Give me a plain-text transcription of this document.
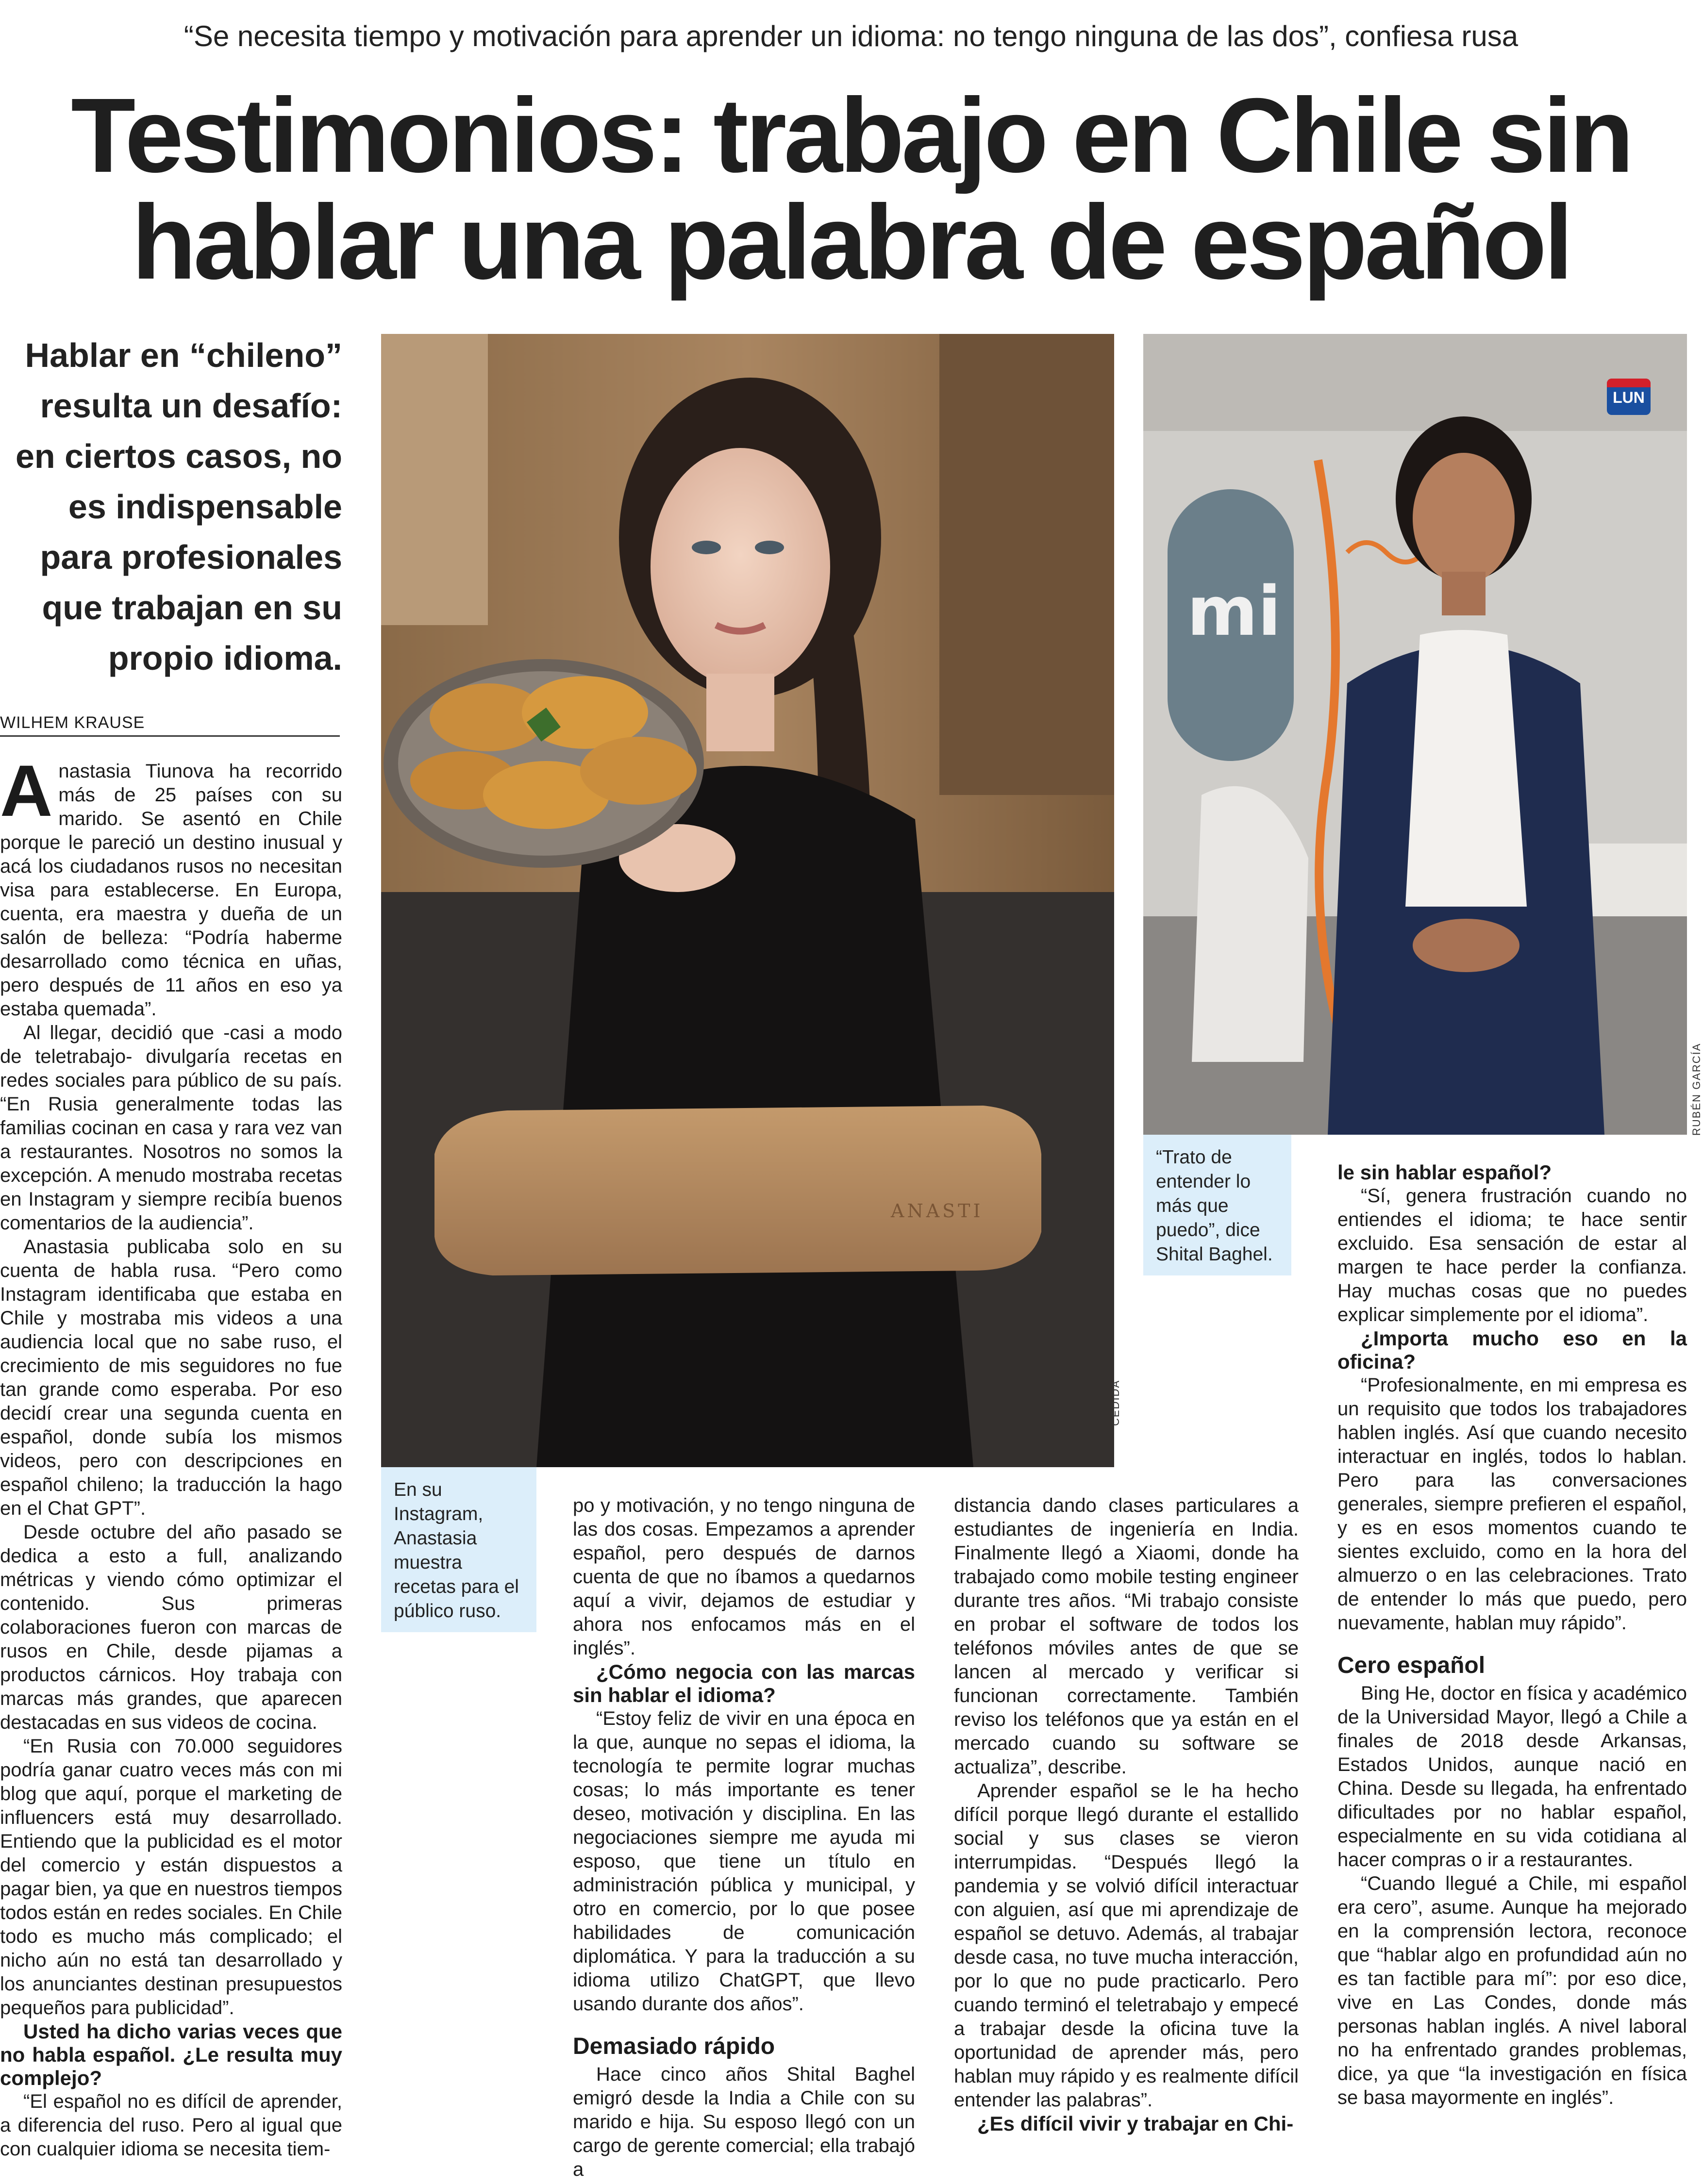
“Se necesita tiempo y motivación para aprender un idioma: no tengo ninguna de las dos”, confiesa rusa
Testimonios: trabajo en Chile sin
hablar una palabra de español
Hablar en “chileno” resulta un desafío: en ciertos casos, no es indispensable para profesionales que trabajan en su propio idioma.
WILHEM KRAUSE

Anastasia Tiunova ha recorrido más de 25 países con su marido. Se asentó en Chile porque le pareció un destino inusual y acá los ciudadanos rusos no necesitan visa para establecerse. En Europa, cuenta, era maestra y dueña de un salón de belleza: “Podría haberme desarrollado como técnica en uñas, pero después de 11 años en eso ya estaba quemada”.

Al llegar, decidió que -casi a modo de teletrabajo- divulgaría recetas en redes sociales para público de su país. “En Rusia generalmente todas las familias cocinan en casa y rara vez van a restaurantes. Nosotros no somos la excepción. A menudo mostraba recetas en Instagram y siempre recibía buenos comentarios de la audiencia”.

Anastasia publicaba solo en su cuenta de habla rusa. “Pero como Instagram identificaba que estaba en Chile y mostraba mis videos a una audiencia local que no sabe ruso, el crecimiento de mis seguidores no fue tan grande como esperaba. Por eso decidí crear una segunda cuenta en español, donde subía los mismos videos, pero con descripciones en español chileno; la traducción la hago en el Chat GPT”.

Desde octubre del año pasado se dedica a esto a full, analizando métricas y viendo cómo optimizar el contenido. Sus primeras colaboraciones fueron con marcas de rusos en Chile, desde pijamas a productos cárnicos. Hoy trabaja con marcas más grandes, que aparecen destacadas en sus videos de cocina.

“En Rusia con 70.000 seguidores podría ganar cuatro veces más con mi blog que aquí, porque el marketing de influencers está muy desarrollado. Entiendo que la publicidad es el motor del comercio y están dispuestos a pagar bien, ya que en nuestros tiempos todos están en redes sociales. En Chile todo es mucho más complicado; el nicho aún no está tan desarrollado y los anunciantes destinan presupuestos pequeños para publicidad”.

Usted ha dicho varias veces que no habla español. ¿Le resulta muy complejo?

“El español no es difícil de aprender, a diferencia del ruso. Pero al igual que con cualquier idioma se necesita tiem-

ANASTI
CEDIDA
En su Instagram, Anastasia muestra recetas para el público ruso.
mi
LUN
RUBÉN GARCÍA
“Trato de entender lo más que puedo”, dice Shital Baghel.

po y motivación, y no tengo ninguna de las dos cosas. Empezamos a aprender español, pero después de darnos cuenta de que no íbamos a quedarnos aquí a vivir, dejamos de estudiar y ahora nos enfocamos más en el inglés”.

¿Cómo negocia con las marcas sin hablar el idioma?

“Estoy feliz de vivir en una época en la que, aunque no sepas el idioma, la tecnología te permite lograr muchas cosas; lo más importante es tener deseo, motivación y disciplina. En las negociaciones siempre me ayuda mi esposo, que tiene un título en administración pública y municipal, y otro en comercio, por lo que posee habilidades de comunicación diplomática. Y para la traducción a su idioma utilizo ChatGPT, que llevo usando durante dos años”.

Demasiado rápido

Hace cinco años Shital Baghel emigró desde la India a Chile con su marido e hija. Su esposo llegó con un cargo de gerente comercial; ella trabajó a

distancia dando clases particulares a estudiantes de ingeniería en India. Finalmente llegó a Xiaomi, donde ha trabajado como mobile testing engineer durante tres años. “Mi trabajo consiste en probar el software de todos los teléfonos móviles antes de que se lancen al mercado y verificar si funcionan correctamente. También reviso los teléfonos que ya están en el mercado cuando su software se actualiza”, describe.

Aprender español se le ha hecho difícil porque llegó durante el estallido social y sus clases se vieron interrumpidas. “Después llegó la pandemia y se volvió difícil interactuar con alguien, así que mi aprendizaje de español se detuvo. Además, al trabajar desde casa, no tuve mucha interacción, por lo que no pude practicarlo. Pero cuando terminó el teletrabajo y empecé a trabajar desde la oficina tuve la oportunidad de aprender más, pero hablan muy rápido y es realmente difícil entender las palabras”.

¿Es difícil vivir y trabajar en Chi-

le sin hablar español?

“Sí, genera frustración cuando no entiendes el idioma; te hace sentir excluido. Esa sensación de estar al margen te hace perder la confianza. Hay muchas cosas que no puedes explicar simplemente por el idioma”.

¿Importa mucho eso en la oficina?

“Profesionalmente, en mi empresa es un requisito que todos los trabajadores hablen inglés. Así que cuando necesito interactuar en inglés, todos lo hablan. Pero para las conversaciones generales, siempre prefieren el español, y es en esos momentos cuando te sientes excluido, como en la hora del almuerzo o en las celebraciones. Trato de entender lo más que puedo, pero nuevamente, hablan muy rápido”.

Cero español

Bing He, doctor en física y académico de la Universidad Mayor, llegó a Chile a finales de 2018 desde Arkansas, Estados Unidos, aunque nació en China. Desde su llegada, ha enfrentado dificultades por no hablar español, especialmente en su vida cotidiana al hacer compras o ir a restaurantes.

“Cuando llegué a Chile, mi español era cero”, asume. Aunque ha mejorado en la comprensión lectora, reconoce que “hablar algo en profundidad aún no es tan factible para mí”: por eso dice, vive en Las Condes, donde más personas hablan inglés. A nivel laboral no ha enfrentado grandes problemas, dice, ya que “la investigación en física se basa mayormente en inglés”.
